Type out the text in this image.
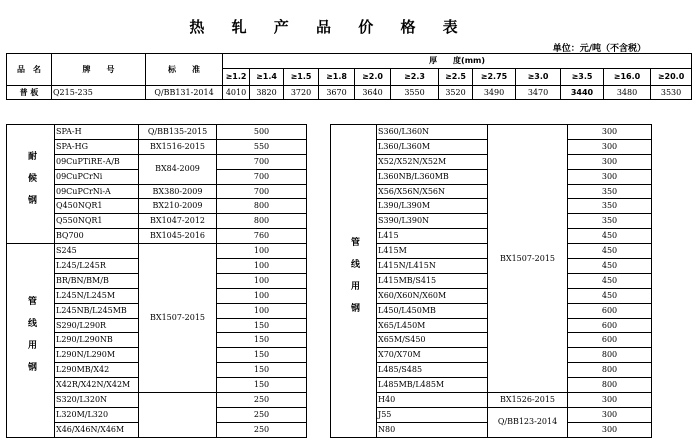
热 轧 产 品 价 格 表
单位：元/吨（不含税）
品　名	牌　　号	标　　准	厚　　度(mm)											
			≥1.2	≥1.4	≥1.5	≥1.8	≥2.0	≥2.3	≥2.5	≥2.75	≥3.0	≥3.5	≥16.0	≥20.0
普 板	Q215-235	Q/BB131-2014	4010	3820	3720	3670	3640	3550	3520	3490	3470	3440	3480	3530
耐候钢	SPA-H	Q/BB135-2015	500	
	SPA-HG	BX1516-2015	550	
	09CuPTiRE-A/B	BX84-2009	700	
	09CuPCrNi		700	
	09CuPCrNi-A	BX380-2009	700	
	Q450NQR1	BX210-2009	800	
	Q550NQR1	BX1047-2012	800	
	BQ700	BX1045-2016	760	

管线用钢	S245	BX1507-2015	100	
	L245/L245R		100	
	BR/BN/BM/B		100	
	L245N/L245M		100	
	L245NB/L245MB		100	
	S290/L290R		150	
	L290/L290NB		150	
	L290N/L290M		150	
	L290MB/X42		150	
	X42R/X42N/X42M		150	
	S320/L320N		250	
	L320M/L320		250	
	X46/X46N/X46M		250	
管线用钢	S360/L360N	BX1507-2015	300
	L360/L360M		300
	X52/X52N/X52M		300
	L360NB/L360MB		300
	X56/X56N/X56N		350
	L390/L390M		350
	S390/L390N		350
	L415		450
	L415M		450
	L415N/L415N		450
	L415MB/S415		450
	X60/X60N/X60M		450
	L450/L450MB		600
	X65/L450M		600
	X65M/S450		600
	X70/X70M		800
	L485/S485		800
	L485MB/L485M		800
	H40	BX1526-2015	300
	J55	Q/BB123-2014	300
	N80		300
